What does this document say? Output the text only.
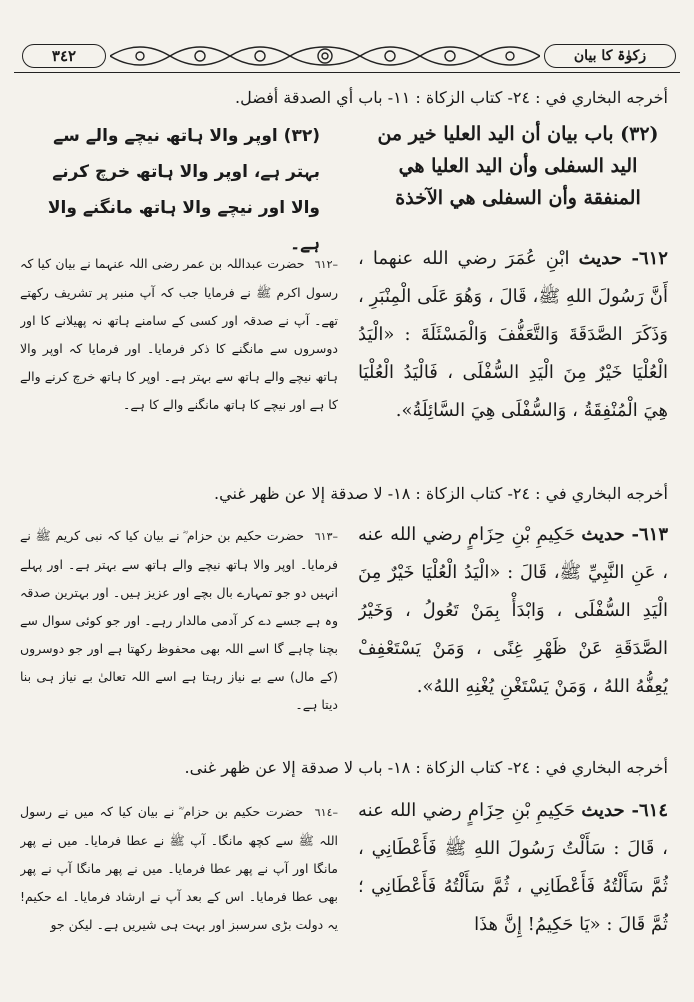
٣٤٢	زکوٰۃ کا بیان
أخرجه البخاري في : ٢٤- كتاب الزكاة : ١١- باب أي الصدقة أفضل.
(٣٢) باب بيان أن اليد العليا خير من اليد السفلى وأن اليد العليا هي المنفقة وأن السفلى هي الآخذة
(۳۲) اوپر والا ہاتھ نیچے والے سے بہتر ہے، اوپر والا ہاتھ خرچ کرنے والا اور نیچے والا ہاتھ مانگنے والا ہے۔
٦١٢- حديث ابْنِ عُمَرَ رضي الله عنهما ، أَنَّ رَسُولَ اللهِ ﷺ، قَالَ ، وَهُوَ عَلَى الْمِنْبَرِ ، وَذَكَرَ الصَّدَقَةَ وَالتَّعَفُّفَ وَالْمَسْئَلَةَ : «الْيَدُ الْعُلْيَا خَيْرٌ مِنَ الْيَدِ السُّفْلَى ، فَالْيَدُ الْعُلْيَا هِيَ الْمُنْفِقَةُ ، وَالسُّفْلَى هِيَ السَّائِلَةُ».
–٦١٢ حضرت عبداللہ بن عمر رضی اللہ عنہما نے بیان کیا کہ رسول اکرم ﷺ نے فرمایا جب کہ آپ منبر پر تشریف رکھتے تھے۔ آپ نے صدقہ اور کسی کے سامنے ہاتھ نہ پھیلانے کا اور دوسروں سے مانگنے کا ذکر فرمایا۔ اور فرمایا کہ اوپر والا ہاتھ نیچے والے ہاتھ سے بہتر ہے۔ اوپر کا ہاتھ خرچ کرنے والے کا ہے اور نیچے کا ہاتھ مانگنے والے کا ہے۔
أخرجه البخاري في : ٢٤- كتاب الزكاة : ١٨- لا صدقة إلا عن ظهر غني.
٦١٣- حديث حَكِيمِ بْنِ حِزَامٍ رضي الله عنه ، عَنِ النَّبِيِّ ﷺ، قَالَ : «الْيَدُ الْعُلْيَا خَيْرٌ مِنَ الْيَدِ السُّفْلَى ، وَابْدَأْ بِمَنْ تَعُولُ ، وَخَيْرُ الصَّدَقَةِ عَنْ ظَهْرِ غِنًى ، وَمَنْ يَسْتَعْفِفْ يُعِفُّهُ اللهُ ، وَمَنْ يَسْتَغْنِ يُغْنِهِ اللهُ».
–٦١٣ حضرت حکیم بن حزام ؓ نے بیان کیا کہ نبی کریم ﷺ نے فرمایا۔ اوپر والا ہاتھ نیچے والے ہاتھ سے بہتر ہے۔ اور پہلے انہیں دو جو تمہارے بال بچے اور عزیز ہیں۔ اور بہترین صدقہ وہ ہے جسے دے کر آدمی مالدار رہے۔ اور جو کوئی سوال سے بچنا چاہے گا اسے اللہ بھی محفوظ رکھتا ہے اور جو دوسروں (کے مال) سے بے نیاز رہتا ہے اسے اللہ تعالیٰ بے نیاز ہی بنا دیتا ہے۔
أخرجه البخاري في : ٢٤- كتاب الزكاة : ١٨- باب لا صدقة إلا عن ظهر غنى.
٦١٤- حديث حَكِيمِ بْنِ حِزَامٍ رضي الله عنه ، قَالَ : سَأَلْتُ رَسُولَ اللهِ ﷺ فَأَعْطَانِي ، ثُمَّ سَأَلْتُهُ فَأَعْطَانِي ، ثُمَّ سَأَلْتُهُ فَأَعْطَانِي ؛ ثُمَّ قَالَ : «يَا حَكِيمُ! إِنَّ هذَا
–٦١٤ حضرت حکیم بن حزام ؓ نے بیان کیا کہ میں نے رسول اللہ ﷺ سے کچھ مانگا۔ آپ ﷺ نے عطا فرمایا۔ میں نے پھر مانگا اور آپ نے پھر عطا فرمایا۔ میں نے پھر مانگا آپ نے پھر بھی عطا فرمایا۔ اس کے بعد آپ نے ارشاد فرمایا۔ اے حکیم! یہ دولت بڑی سرسبز اور بہت ہی شیریں ہے۔ لیکن جو
